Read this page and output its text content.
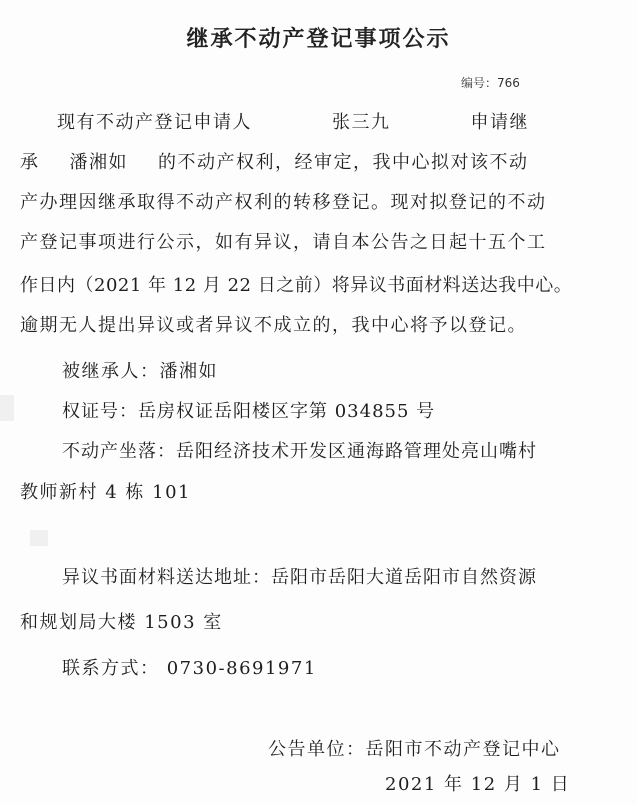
继承不动产登记事项公示
编号：766
现有不动产登记申请人	张三九	申请继
承 潘湘如 的不动产权利，经审定，我中心拟对该不动
产办理因继承取得不动产权利的转移登记。现对拟登记的不动
产登记事项进行公示，如有异议，请自本公告之日起十五个工
作日内（2021 年 12 月 22 日之前）将异议书面材料送达我中心。
逾期无人提出异议或者异议不成立的，我中心将予以登记。
被继承人：潘湘如
权证号：岳房权证岳阳楼区字第 034855 号
不动产坐落：岳阳经济技术开发区通海路管理处亮山嘴村
教师新村 4 栋 101
异议书面材料送达地址：岳阳市岳阳大道岳阳市自然资源
和规划局大楼 1503 室
联系方式： 0730-8691971
公告单位：岳阳市不动产登记中心
2021 年 12 月 1 日
